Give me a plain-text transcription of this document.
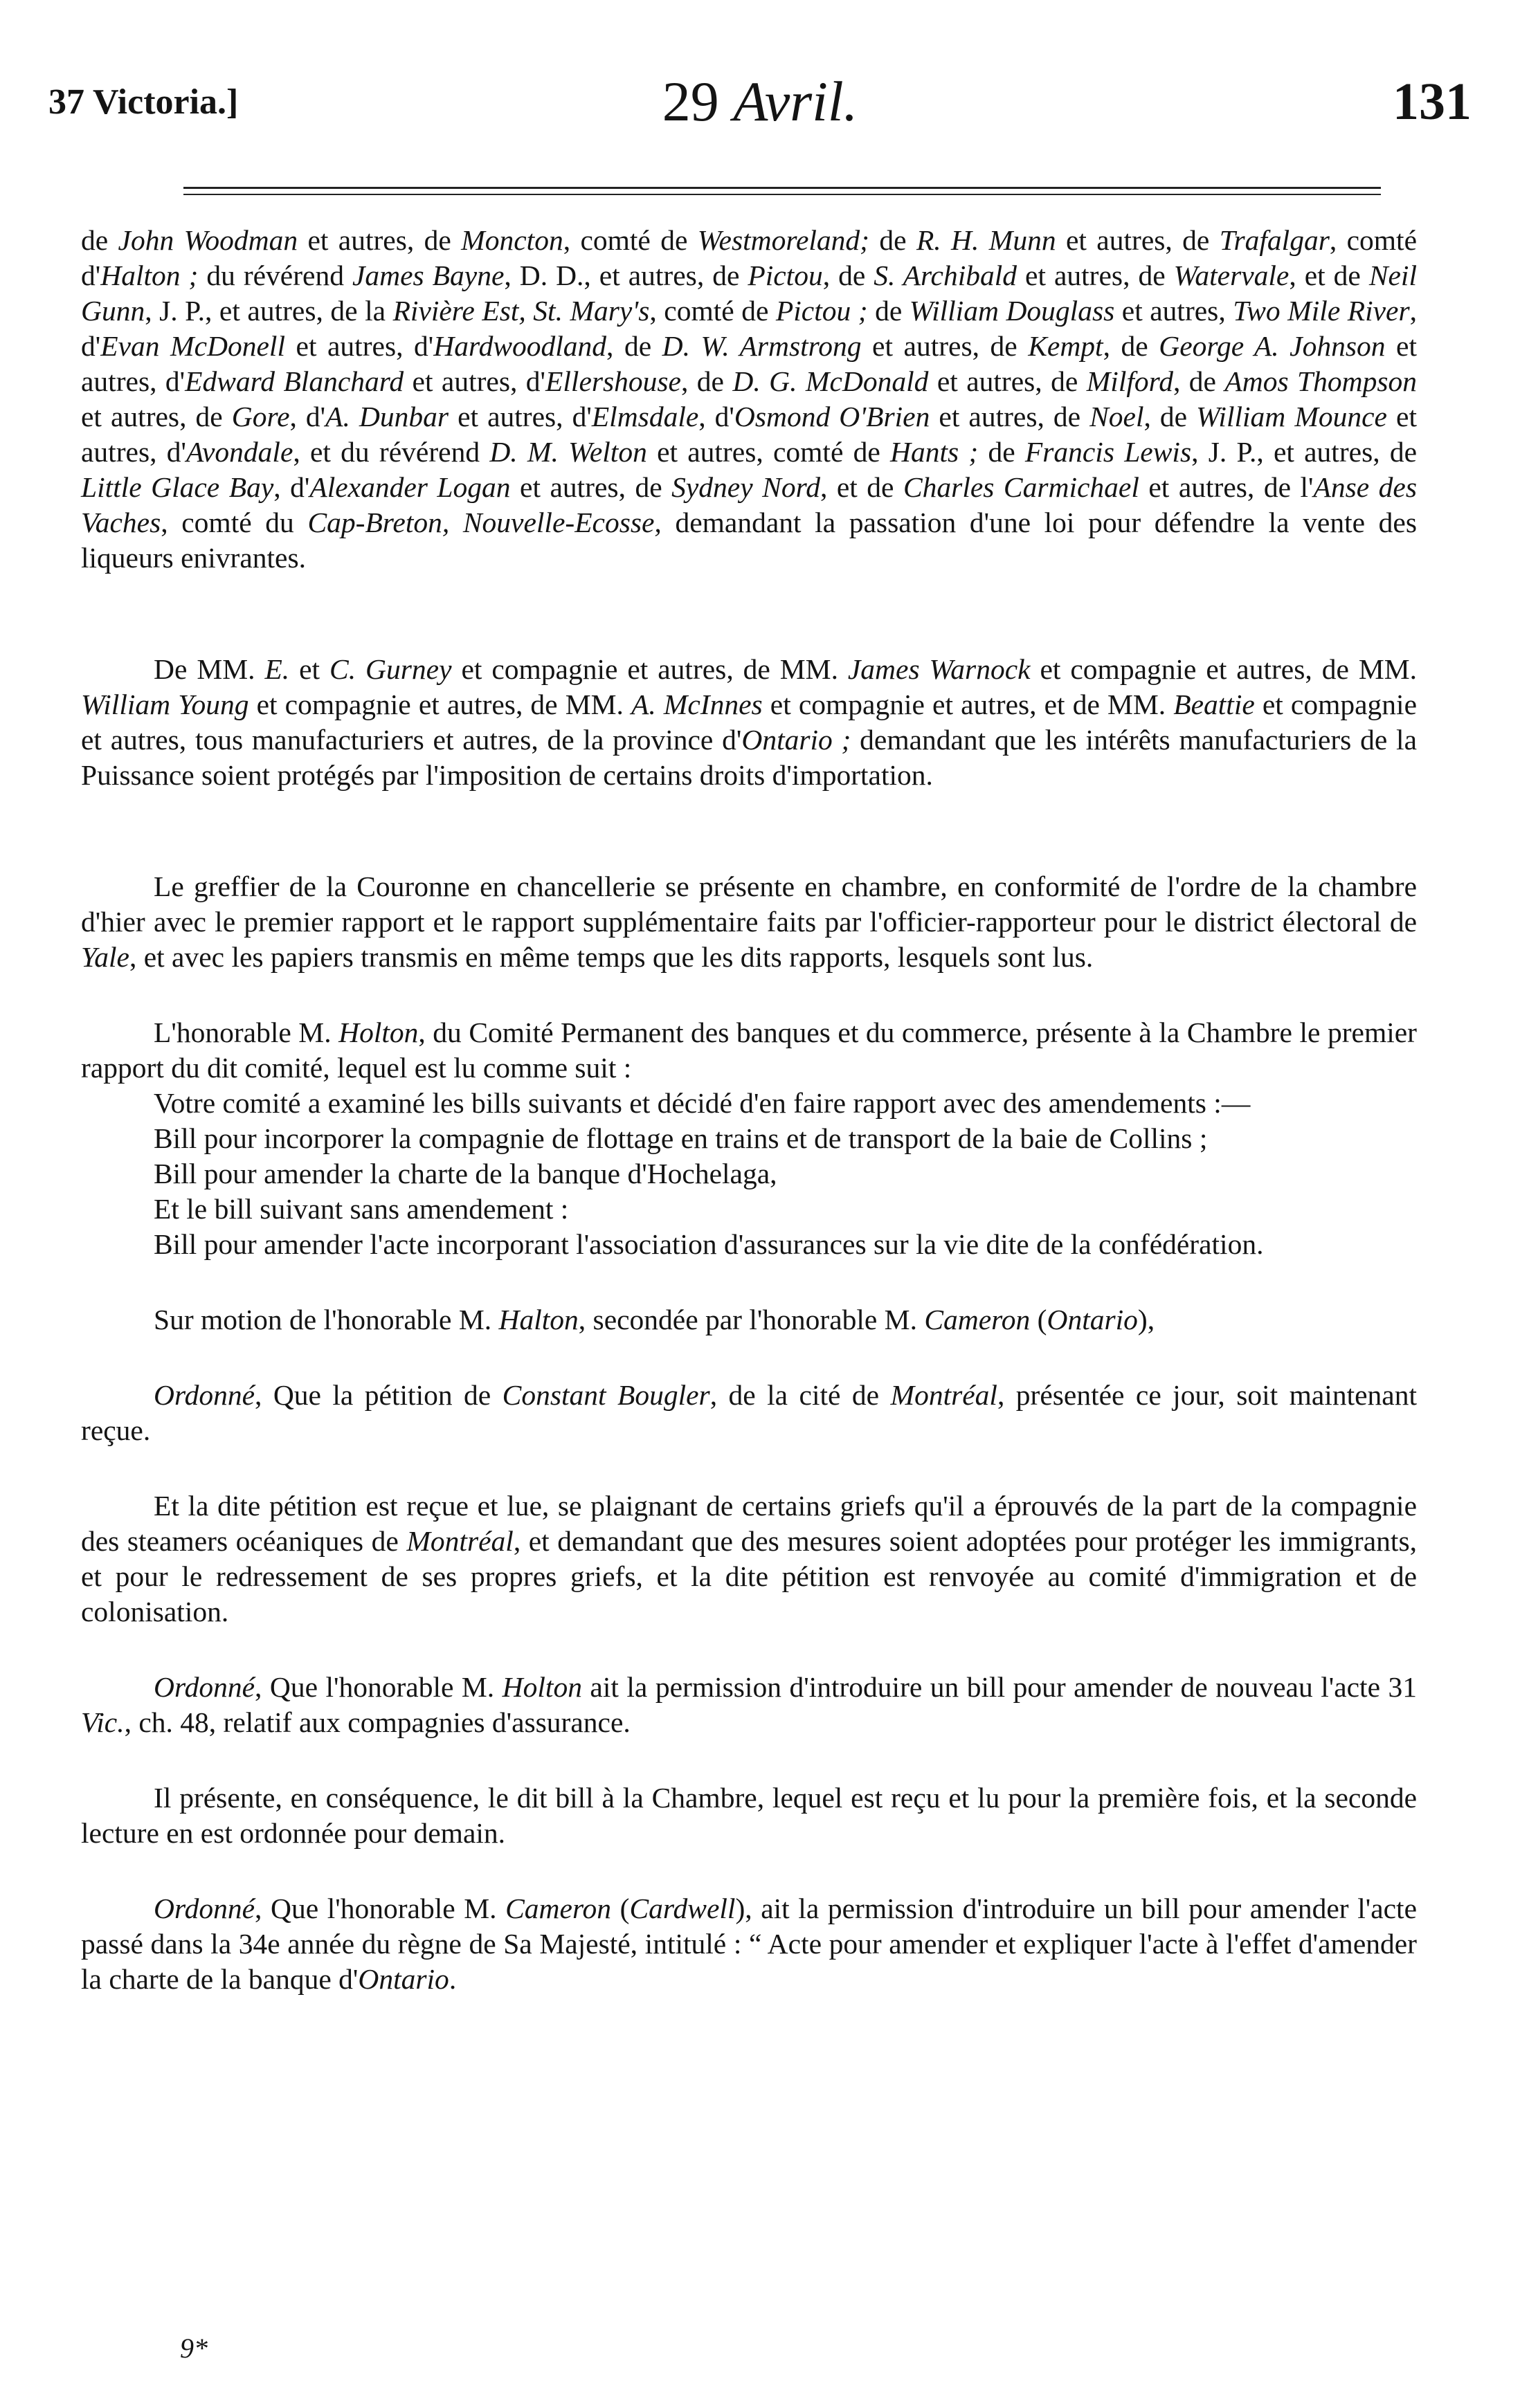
37 Victoria.]	29 Avril.	131

de John Woodman et autres, de Moncton, comté de Westmoreland; de R. H. Munn et autres, de Trafalgar, comté d'Halton ; du révérend James Bayne, D. D., et autres, de Pictou, de S. Archibald et autres, de Watervale, et de Neil Gunn, J. P., et autres, de la Rivière Est, St. Mary's, comté de Pictou ; de William Douglass et autres, Two Mile River, d'Evan McDonell et autres, d'Hardwoodland, de D. W. Armstrong et autres, de Kempt, de George A. Johnson et autres, d'Edward Blanchard et autres, d'Ellershouse, de D. G. McDonald et autres, de Milford, de Amos Thompson et autres, de Gore, d'A. Dunbar et autres, d'Elmsdale, d'Osmond O'Brien et autres, de Noel, de William Mounce et autres, d'Avondale, et du révérend D. M. Welton et autres, comté de Hants ; de Francis Lewis, J. P., et autres, de Little Glace Bay, d'Alexander Logan et autres, de Sydney Nord, et de Charles Carmichael et autres, de l'Anse des Vaches, comté du Cap-Breton, Nouvelle-Ecosse, demandant la passation d'une loi pour défendre la vente des liqueurs enivrantes.

De MM. E. et C. Gurney et compagnie et autres, de MM. James Warnock et compagnie et autres, de MM. William Young et compagnie et autres, de MM. A. McInnes et compagnie et autres, et de MM. Beattie et compagnie et autres, tous manufacturiers et autres, de la province d'Ontario ; demandant que les intérêts manufacturiers de la Puissance soient protégés par l'imposition de certains droits d'importation.

Le greffier de la Couronne en chancellerie se présente en chambre, en conformité de l'ordre de la chambre d'hier avec le premier rapport et le rapport supplémentaire faits par l'officier-rapporteur pour le district électoral de Yale, et avec les papiers transmis en même temps que les dits rapports, lesquels sont lus.

L'honorable M. Holton, du Comité Permanent des banques et du commerce, présente à la Chambre le premier rapport du dit comité, lequel est lu comme suit :

Votre comité a examiné les bills suivants et décidé d'en faire rapport avec des amendements :—

Bill pour incorporer la compagnie de flottage en trains et de transport de la baie de Collins ;

Bill pour amender la charte de la banque d'Hochelaga,

Et le bill suivant sans amendement :

Bill pour amender l'acte incorporant l'association d'assurances sur la vie dite de la confédération.

Sur motion de l'honorable M. Halton, secondée par l'honorable M. Cameron (Ontario),

Ordonné, Que la pétition de Constant Bougler, de la cité de Montréal, présentée ce jour, soit maintenant reçue.

Et la dite pétition est reçue et lue, se plaignant de certains griefs qu'il a éprouvés de la part de la compagnie des steamers océaniques de Montréal, et demandant que des mesures soient adoptées pour protéger les immigrants, et pour le redressement de ses propres griefs, et la dite pétition est renvoyée au comité d'immigration et de colonisation.

Ordonné, Que l'honorable M. Holton ait la permission d'introduire un bill pour amender de nouveau l'acte 31 Vic., ch. 48, relatif aux compagnies d'assurance.

Il présente, en conséquence, le dit bill à la Chambre, lequel est reçu et lu pour la première fois, et la seconde lecture en est ordonnée pour demain.

Ordonné, Que l'honorable M. Cameron (Cardwell), ait la permission d'introduire un bill pour amender l'acte passé dans la 34e année du règne de Sa Majesté, intitulé : “ Acte pour amender et expliquer l'acte à l'effet d'amender la charte de la banque d'Ontario.

9*
